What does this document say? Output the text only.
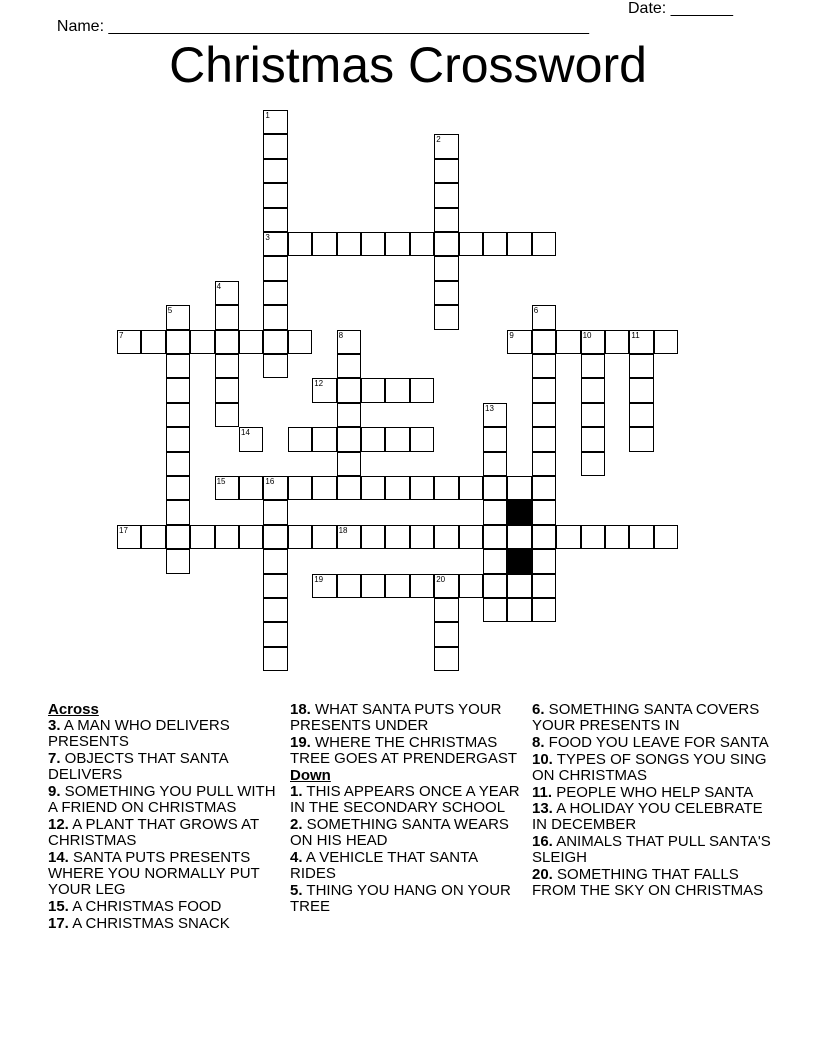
Name: ______________________________________________________

Date: _______

Christmas Crossword
1
3
2
4
5	6
7	8	9	11
10
12
13
14
15	16
17	18
19	20
Across
3. A MAN WHO DELIVERS PRESENTS
7. OBJECTS THAT SANTA DELIVERS
9. SOMETHING YOU PULL WITH A FRIEND ON CHRISTMAS
12. A PLANT THAT GROWS AT CHRISTMAS
14. SANTA PUTS PRESENTS WHERE YOU NORMALLY PUT YOUR LEG
15. A CHRISTMAS FOOD
17. A CHRISTMAS SNACK
18. WHAT SANTA PUTS YOUR PRESENTS UNDER
19. WHERE THE CHRISTMAS TREE GOES AT PRENDERGAST
Down
1. THIS APPEARS ONCE A YEAR IN THE SECONDARY SCHOOL
2. SOMETHING SANTA WEARS ON HIS HEAD
4. A VEHICLE THAT SANTA RIDES
5. THING YOU HANG ON YOUR TREE
6. SOMETHING SANTA COVERS YOUR PRESENTS IN
8. FOOD YOU LEAVE FOR SANTA
10. TYPES OF SONGS YOU SING ON CHRISTMAS
11. PEOPLE WHO HELP SANTA
13. A HOLIDAY YOU CELEBRATE IN DECEMBER
16. ANIMALS THAT PULL SANTA'S SLEIGH
20. SOMETHING THAT FALLS FROM THE SKY ON CHRISTMAS
